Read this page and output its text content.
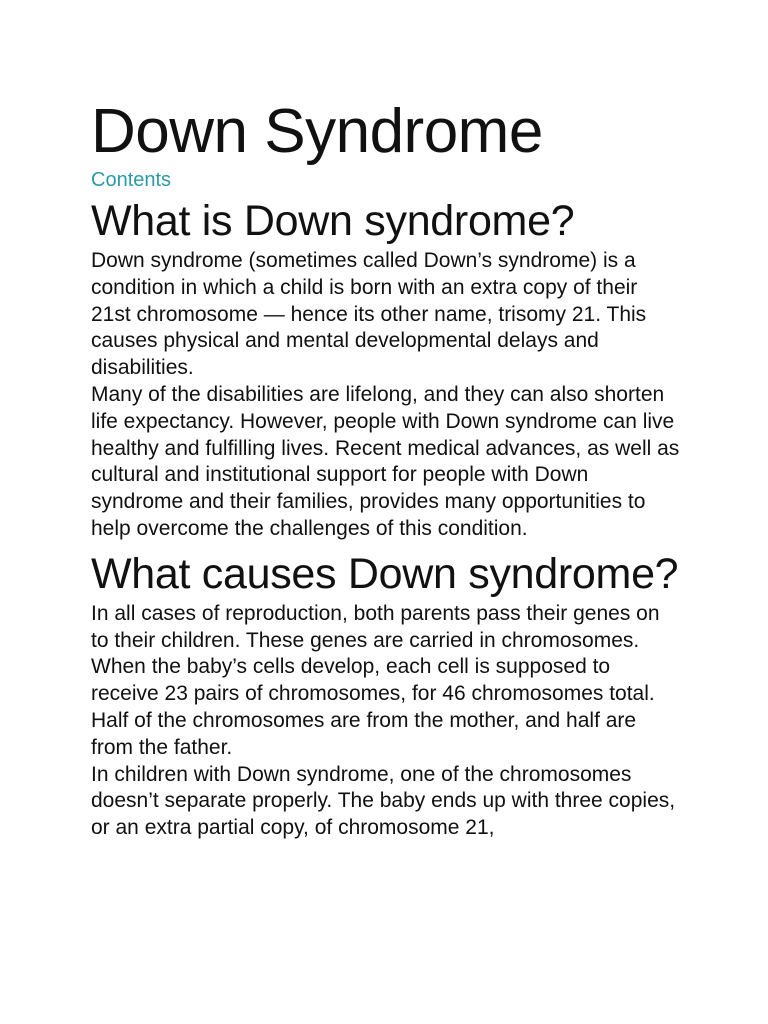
Down Syndrome
Contents
What is Down syndrome?

Down syndrome (sometimes called Down’s syndrome) is a condition in which a child is born with an extra copy of their 21st chromosome — hence its other name, trisomy 21. This causes physical and mental developmental delays and disabilities.

Many of the disabilities are lifelong, and they can also shorten life expectancy. However, people with Down syndrome can live healthy and fulfilling lives. Recent medical advances, as well as cultural and institutional support for people with Down syndrome and their families, provides many opportunities to help overcome the challenges of this condition.

What causes Down syndrome?

In all cases of reproduction, both parents pass their genes on to their children. These genes are carried in chromosomes. When the baby’s cells develop, each cell is supposed to receive 23 pairs of chromosomes, for 46 chromosomes total. Half of the chromosomes are from the mother, and half are from the father.

In children with Down syndrome, one of the chromosomes doesn’t separate properly. The baby ends up with three copies, or an extra partial copy, of chromosome 21,
